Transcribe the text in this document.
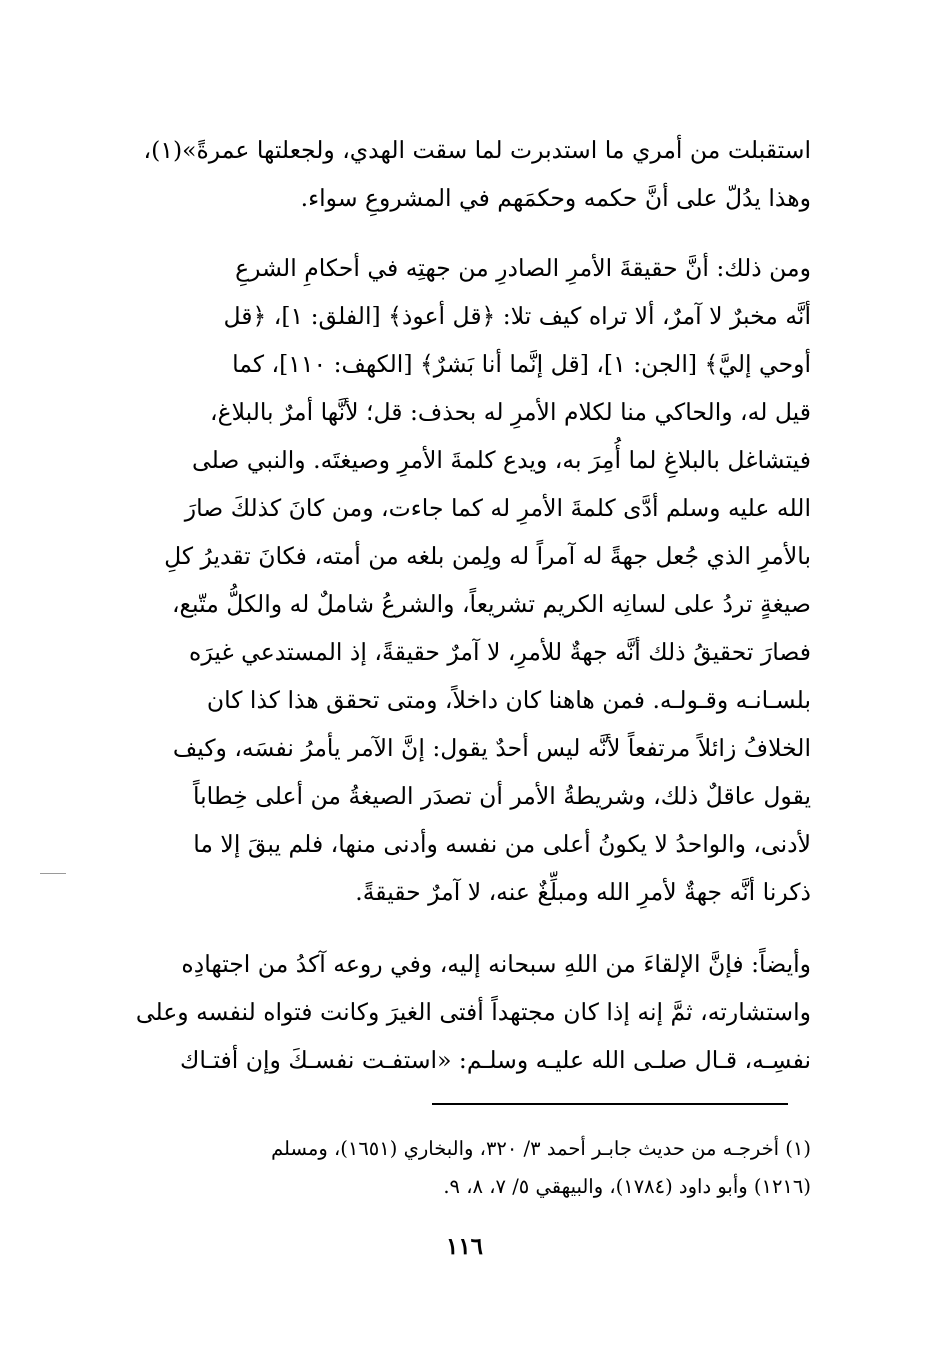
استقبلت من أمري ما استدبرت لما سقت الهدي، ولجعلتها عمرةً»(١)،
وهذا يدُلّ على أنَّ حكمه وحكمَهم في المشروعِ سواء.
ومن ذلك: أنَّ حقيقةَ الأمرِ الصادرِ من جهتِه في أحكامِ الشرعِ
أنَّه مخبرٌ لا آمرٌ، ألا تراه كيف تلا: ﴿قل أعوذ﴾ [الفلق: ١]، ﴿قل
أوحي إليَّ﴾ [الجن: ١]، [قل إنَّما أنا بَشرٌ﴾ [الكهف: ١١٠]، كما
قيل له، والحاكي منا لكلام الأمرِ له بحذف: قل؛ لأنَّها أمرٌ بالبلاغ،
فيتشاغل بالبلاغِ لما أُمِرَ به، ويدع كلمةَ الأمرِ وصيغتَه. والنبي صلى
الله عليه وسلم أدَّى كلمةَ الأمرِ له كما جاءت، ومن كانَ كذلكَ صارَ
بالأمرِ الذي جُعل جهةً له آمراً له ولِمن بلغه من أمته، فكانَ تقديرُ كلِ
صيغةٍ تردُ على لسانِه الكريم تشريعاً، والشرعُ شاملٌ له والكلُّ متّبع،
فصارَ تحقيقُ ذلك أنَّه جهةٌ للأمرِ، لا آمرٌ حقيقةً، إذ المستدعي غيرَه
بلسـانـه وقـولـه. فمن هاهنا كان داخلاً، ومتى تحقق هذا كذا كان
الخلافُ زائلاً مرتفعاً لأنَّه ليس أحدٌ يقول: إنَّ الآمر يأمرُ نفسَه، وكيف
يقول عاقلٌ ذلك، وشريطةُ الأمر أن تصدَر الصيغةُ من أعلى خِطاباً
لأدنى، والواحدُ لا يكونُ أعلى من نفسه وأدنى منها، فلم يبقَ إلا ما
ذكرنا أنَّه جهةٌ لأمرِ الله ومبلِّغٌ عنه، لا آمرٌ حقيقةً.
وأيضاً: فإنَّ الإلقاءَ من اللهِ سبحانه إليه، وفي روعه آكدُ من اجتهادِه
واستشارته، ثمَّ إنه إذا كان مجتهداً أفتى الغيرَ وكانت فتواه لنفسه وعلى
نفسِـه، قـال صلـى الله عليـه وسلـم: «استفـت نفسـكَ وإن أفتـاك
(١) أخرجـه من حديث جابـر أحمد ٣/ ٣٢٠، والبخاري (١٦٥١)، ومسلم
(١٢١٦) وأبو داود (١٧٨٤)، والبيهقي ٥/ ٧، ٨، ٩.
١١٦
